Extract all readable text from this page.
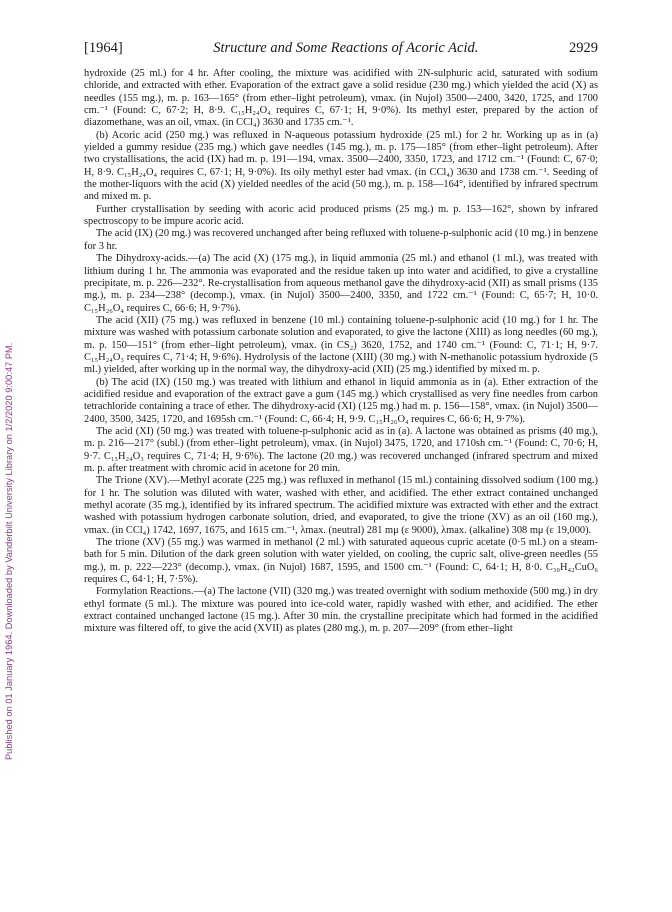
Published on 01 January 1964. Downloaded by Vanderbilt University Library on 1/2/2020 9:00:47 PM.
[1964]	Structure and Some Reactions of Acoric Acid.	2929

hydroxide (25 ml.) for 4 hr. After cooling, the mixture was acidified with 2N-sulphuric acid, saturated with sodium chloride, and extracted with ether. Evaporation of the extract gave a solid residue (230 mg.) which yielded the acid (X) as needles (155 mg.), m. p. 163—165° (from ether–light petroleum), νmax. (in Nujol) 3500—2400, 3420, 1725, and 1700 cm.⁻¹ (Found: C, 67·2; H, 8·9. C₁₅H₂₄O₄ requires C, 67·1; H, 9·0%). Its methyl ester, prepared by the action of diazomethane, was an oil, νmax. (in CCl₄) 3630 and 1735 cm.⁻¹.

(b) Acoric acid (250 mg.) was refluxed in N-aqueous potassium hydroxide (25 ml.) for 2 hr. Working up as in (a) yielded a gummy residue (235 mg.) which gave needles (145 mg.), m. p. 175—185° (from ether–light petroleum). After two crystallisations, the acid (IX) had m. p. 191—194, νmax. 3500—2400, 3350, 1723, and 1712 cm.⁻¹ (Found: C, 67·0; H, 8·9. C₁₅H₂₄O₄ requires C, 67·1; H, 9·0%). Its oily methyl ester had νmax. (in CCl₄) 3630 and 1738 cm.⁻¹. Seeding of the mother-liquors with the acid (X) yielded needles of the acid (50 mg.), m. p. 158—164°, identified by infrared spectrum and mixed m. p.

Further crystallisation by seeding with acoric acid produced prisms (25 mg.) m. p. 153—162°, shown by infrared spectroscopy to be impure acoric acid.

The acid (IX) (20 mg.) was recovered unchanged after being refluxed with toluene-p-sulphonic acid (10 mg.) in benzene for 3 hr.

The Dihydroxy-acids.—(a) The acid (X) (175 mg.), in liquid ammonia (25 ml.) and ethanol (1 ml.), was treated with lithium during 1 hr. The ammonia was evaporated and the residue taken up into water and acidified, to give a crystalline precipitate, m. p. 226—232°. Re-crystallisation from aqueous methanol gave the dihydroxy-acid (XII) as small prisms (135 mg.), m. p. 234—238° (decomp.), νmax. (in Nujol) 3500—2400, 3350, and 1722 cm.⁻¹ (Found: C, 65·7; H, 10·0. C₁₅H₂₆O₄ requires C, 66·6; H, 9·7%).

The acid (XII) (75 mg.) was refluxed in benzene (10 ml.) containing toluene-p-sulphonic acid (10 mg.) for 1 hr. The mixture was washed with potassium carbonate solution and evaporated, to give the lactone (XIII) as long needles (60 mg.), m. p. 150—151° (from ether–light petroleum), νmax. (in CS₂) 3620, 1752, and 1740 cm.⁻¹ (Found: C, 71·1; H, 9·7. C₁₅H₂₄O₃ requires C, 71·4; H, 9·6%). Hydrolysis of the lactone (XIII) (30 mg.) with N-methanolic potassium hydroxide (5 ml.) yielded, after working up in the normal way, the dihydroxy-acid (XII) (25 mg.) identified by mixed m. p.

(b) The acid (IX) (150 mg.) was treated with lithium and ethanol in liquid ammonia as in (a). Ether extraction of the acidified residue and evaporation of the extract gave a gum (145 mg.) which crystallised as very fine needles from carbon tetrachloride containing a trace of ether. The dihydroxy-acid (XI) (125 mg.) had m. p. 156—158°, νmax. (in Nujol) 3500—2400, 3500, 3425, 1720, and 1695sh cm.⁻¹ (Found: C, 66·4; H, 9·9. C₁₅H₂₆O₄ requires C, 66·6; H, 9·7%).

The acid (XI) (50 mg.) was treated with toluene-p-sulphonic acid as in (a). A lactone was obtained as prisms (40 mg.), m. p. 216—217° (subl.) (from ether–light petroleum), νmax. (in Nujol) 3475, 1720, and 1710sh cm.⁻¹ (Found: C, 70·6; H, 9·7. C₁₅H₂₄O₃ requires C, 71·4; H, 9·6%). The lactone (20 mg.) was recovered unchanged (infrared spectrum and mixed m. p. after treatment with chromic acid in acetone for 20 min.

The Trione (XV).—Methyl acorate (225 mg.) was refluxed in methanol (15 ml.) containing dissolved sodium (100 mg.) for 1 hr. The solution was diluted with water, washed with ether, and acidified. The ether extract contained unchanged methyl acorate (35 mg.), identified by its infrared spectrum. The acidified mixture was extracted with ether and the extract washed with potassium hydrogen carbonate solution, dried, and evaporated, to give the trione (XV) as an oil (160 mg.), νmax. (in CCl₄) 1742, 1697, 1675, and 1615 cm.⁻¹, λmax. (neutral) 281 mμ (ε 9000), λmax. (alkaline) 308 mμ (ε 19,000).

The trione (XV) (55 mg.) was warmed in methanol (2 ml.) with saturated aqueous cupric acetate (0·5 ml.) on a steam-bath for 5 min. Dilution of the dark green solution with water yielded, on cooling, the cupric salt, olive-green needles (55 mg.), m. p. 222—223° (decomp.), νmax. (in Nujol) 1687, 1595, and 1500 cm.⁻¹ (Found: C, 64·1; H, 8·0. C₃₀H₄₂CuO₆ requires C, 64·1; H, 7·5%).

Formylation Reactions.—(a) The lactone (VII) (320 mg.) was treated overnight with sodium methoxide (500 mg.) in dry ethyl formate (5 ml.). The mixture was poured into ice-cold water, rapidly washed with ether, and acidified. The ether extract contained unchanged lactone (15 mg.). After 30 min. the crystalline precipitate which had formed in the acidified mixture was filtered off, to give the acid (XVII) as plates (280 mg.), m. p. 207—209° (from ether–light
